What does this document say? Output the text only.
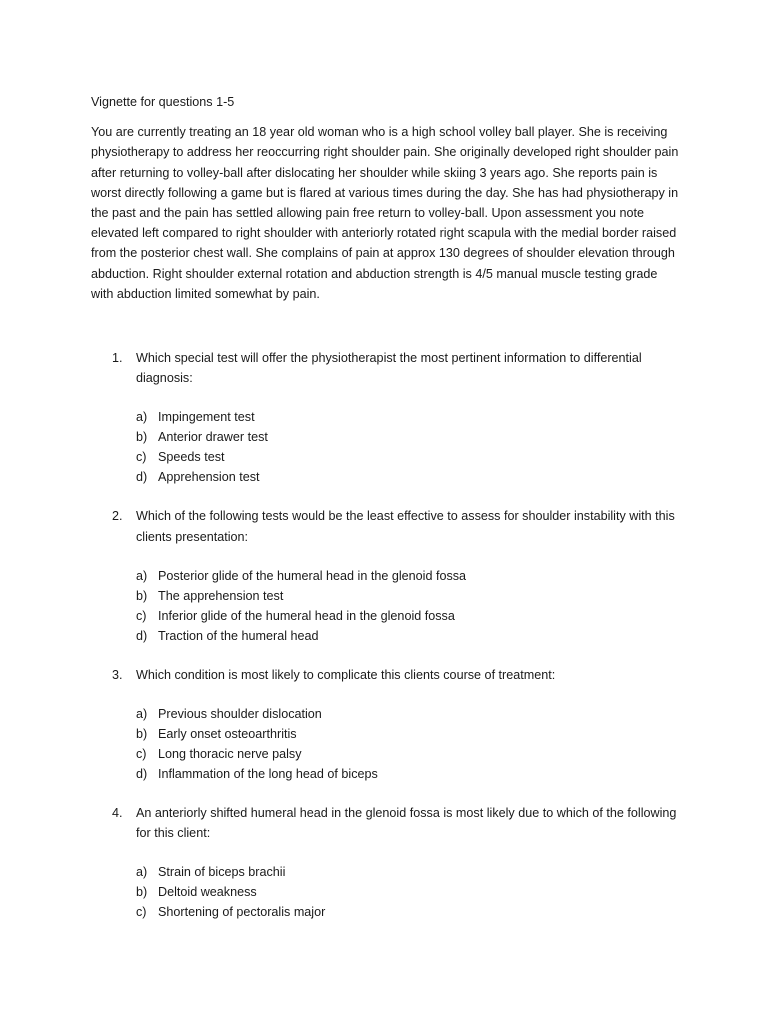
Vignette for questions 1-5

You are currently treating an 18 year old woman who is a high school volley ball player. She is receiving physiotherapy to address her reoccurring right shoulder pain. She originally developed right shoulder pain after returning to volley-ball after dislocating her shoulder while skiing 3 years ago. She reports pain is worst directly following a game but is flared at various times during the day. She has had physiotherapy in the past and the pain has settled allowing pain free return to volley-ball. Upon assessment you note elevated left compared to right shoulder with anteriorly rotated right scapula with the medial border raised from the posterior chest wall. She complains of pain at approx 130 degrees of shoulder elevation through abduction. Right shoulder external rotation and abduction strength is 4/5 manual muscle testing grade with abduction limited somewhat by pain.

1. Which special test will offer the physiotherapist the most pertinent information to differential diagnosis:
a) Impingement test
b) Anterior drawer test
c) Speeds test
d) Apprehension test
2. Which of the following tests would be the least effective to assess for shoulder instability with this clients presentation:
a) Posterior glide of the humeral head in the glenoid fossa
b) The apprehension test
c) Inferior glide of the humeral head in the glenoid fossa
d) Traction of the humeral head
3. Which condition is most likely to complicate this clients course of treatment:
a) Previous shoulder dislocation
b) Early onset osteoarthritis
c) Long thoracic nerve palsy
d) Inflammation of the long head of biceps
4. An anteriorly shifted humeral head in the glenoid fossa is most likely due to which of the following for this client:
a) Strain of biceps brachii
b) Deltoid weakness
c) Shortening of pectoralis major
